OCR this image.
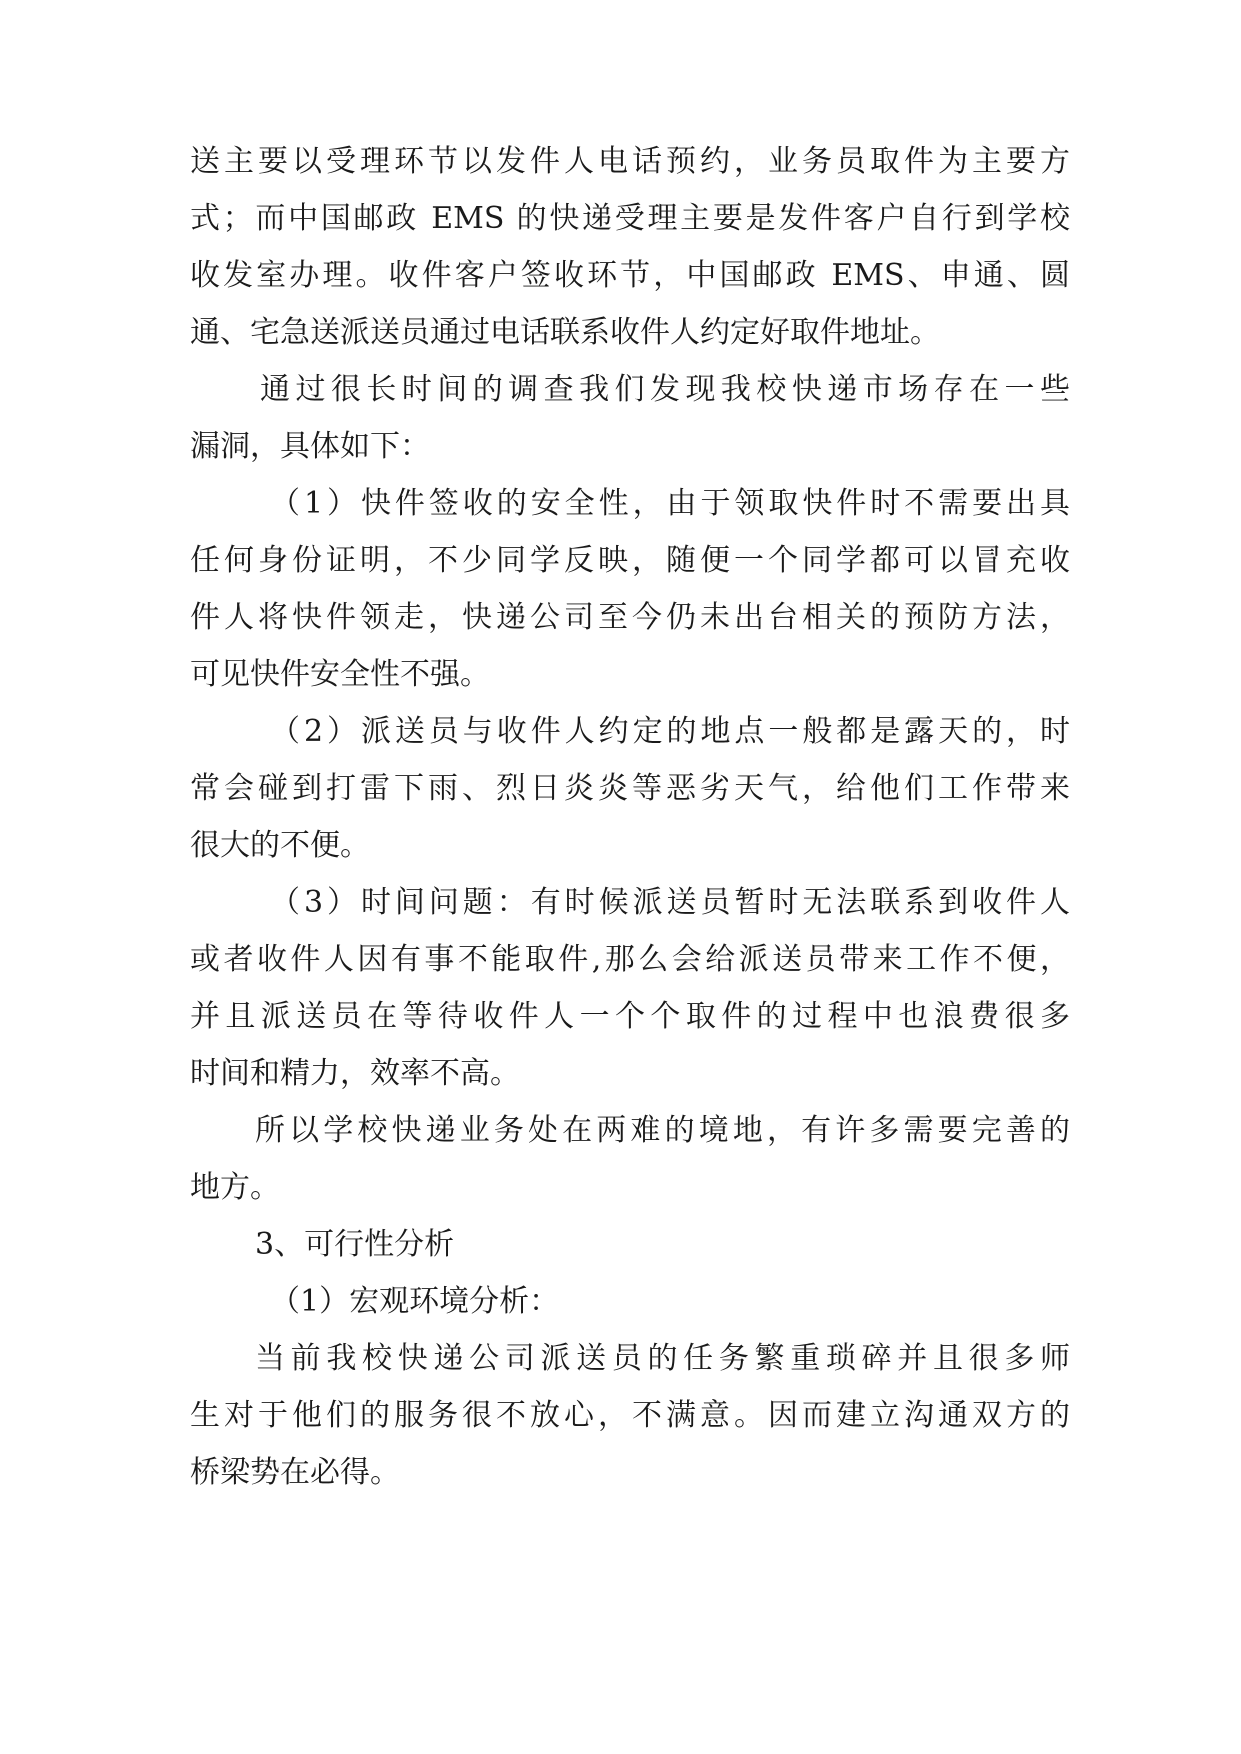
送主要以受理环节以发件人电话预约，业务员取件为主要方
式；而中国邮政 EMS 的快递受理主要是发件客户自行到学校
收发室办理。收件客户签收环节，中国邮政 EMS、申通、圆
通、宅急送派送员通过电话联系收件人约定好取件地址。
通过很长时间的调查我们发现我校快递市场存在一些
漏洞，具体如下：
（1）快件签收的安全性，由于领取快件时不需要出具
任何身份证明，不少同学反映，随便一个同学都可以冒充收
件人将快件领走，快递公司至今仍未出台相关的预防方法，
可见快件安全性不强。
（2）派送员与收件人约定的地点一般都是露天的，时
常会碰到打雷下雨、烈日炎炎等恶劣天气，给他们工作带来
很大的不便。
（3）时间问题：有时候派送员暂时无法联系到收件人
或者收件人因有事不能取件,那么会给派送员带来工作不便，
并且派送员在等待收件人一个个取件的过程中也浪费很多
时间和精力，效率不高。
所以学校快递业务处在两难的境地，有许多需要完善的
地方。
3、可行性分析
（1）宏观环境分析：
当前我校快递公司派送员的任务繁重琐碎并且很多师
生对于他们的服务很不放心，不满意。因而建立沟通双方的
桥梁势在必得。
